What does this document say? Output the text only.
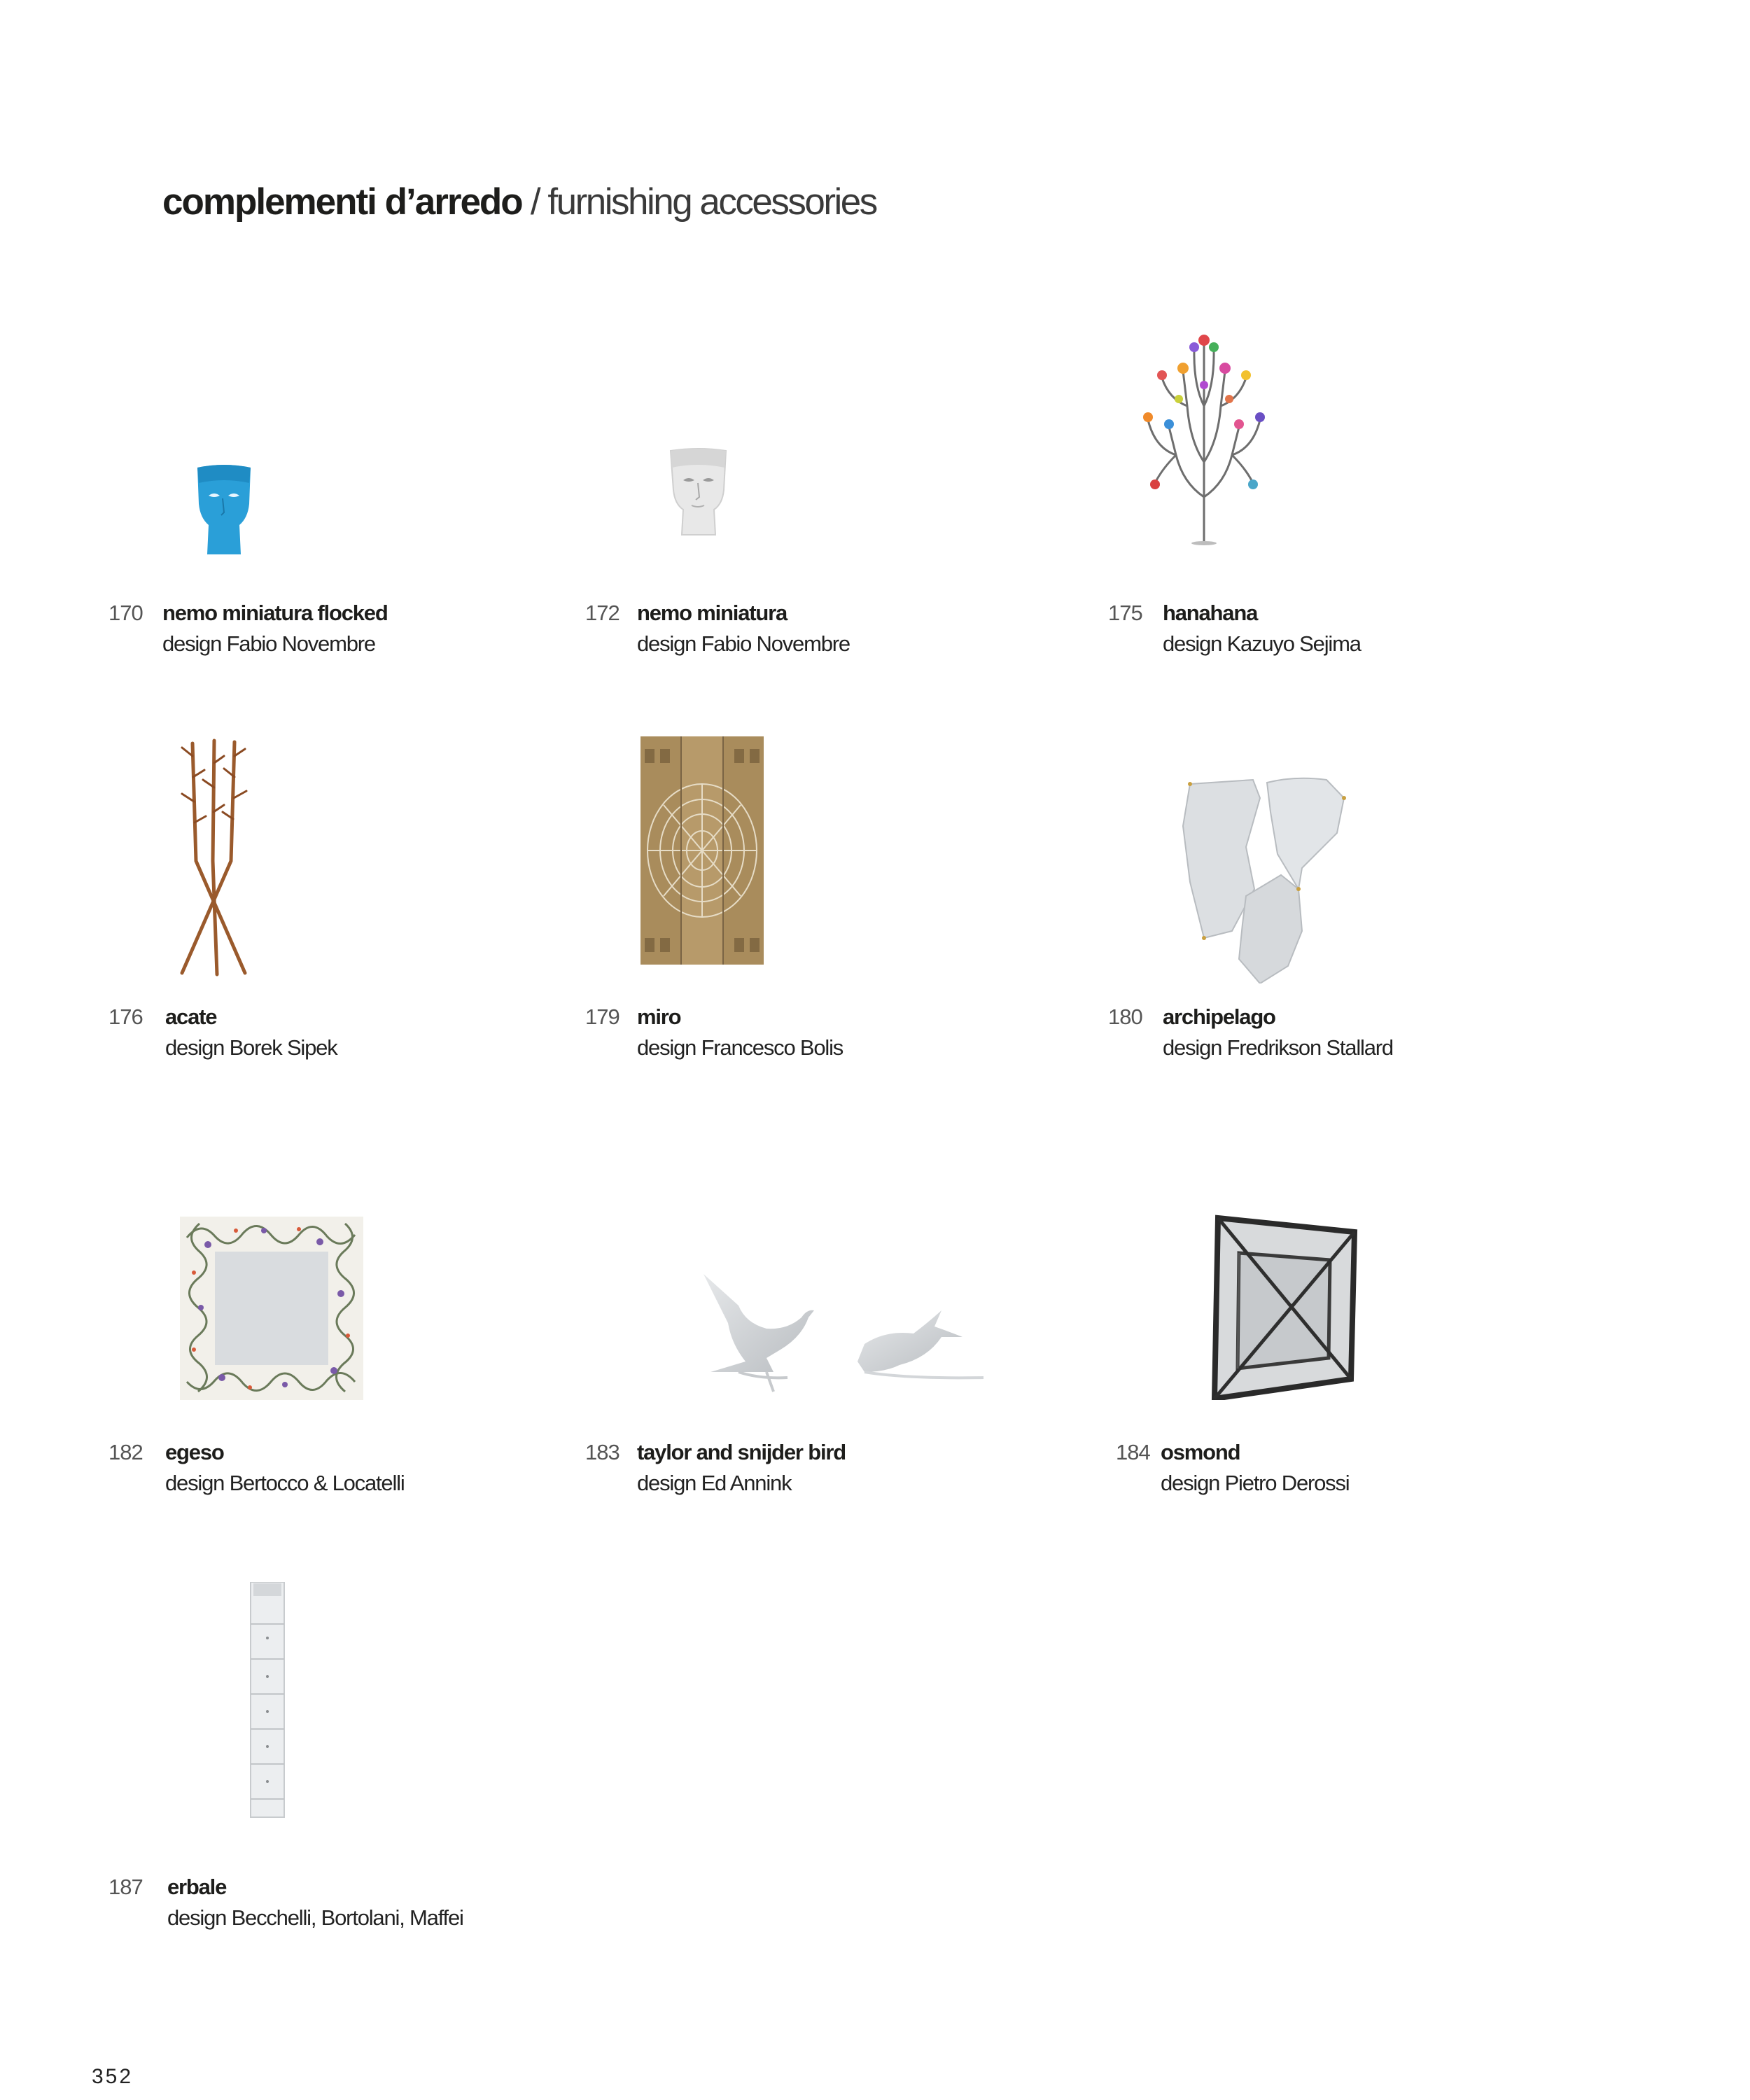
complementi d’arredo / furnishing accessories
170 nemo miniatura flocked
design Fabio Novembre
172 nemo miniatura
design Fabio Novembre
175 hanahana
design Kazuyo Sejima
176 acate
design Borek Sipek
179 miro
design Francesco Bolis
180 archipelago
design Fredrikson Stallard
182 egeso
design Bertocco & Locatelli
183 taylor and snijder bird
design Ed Annink
184 osmond
design Pietro Derossi
187 erbale
design Becchelli, Bortolani, Maffei
352
